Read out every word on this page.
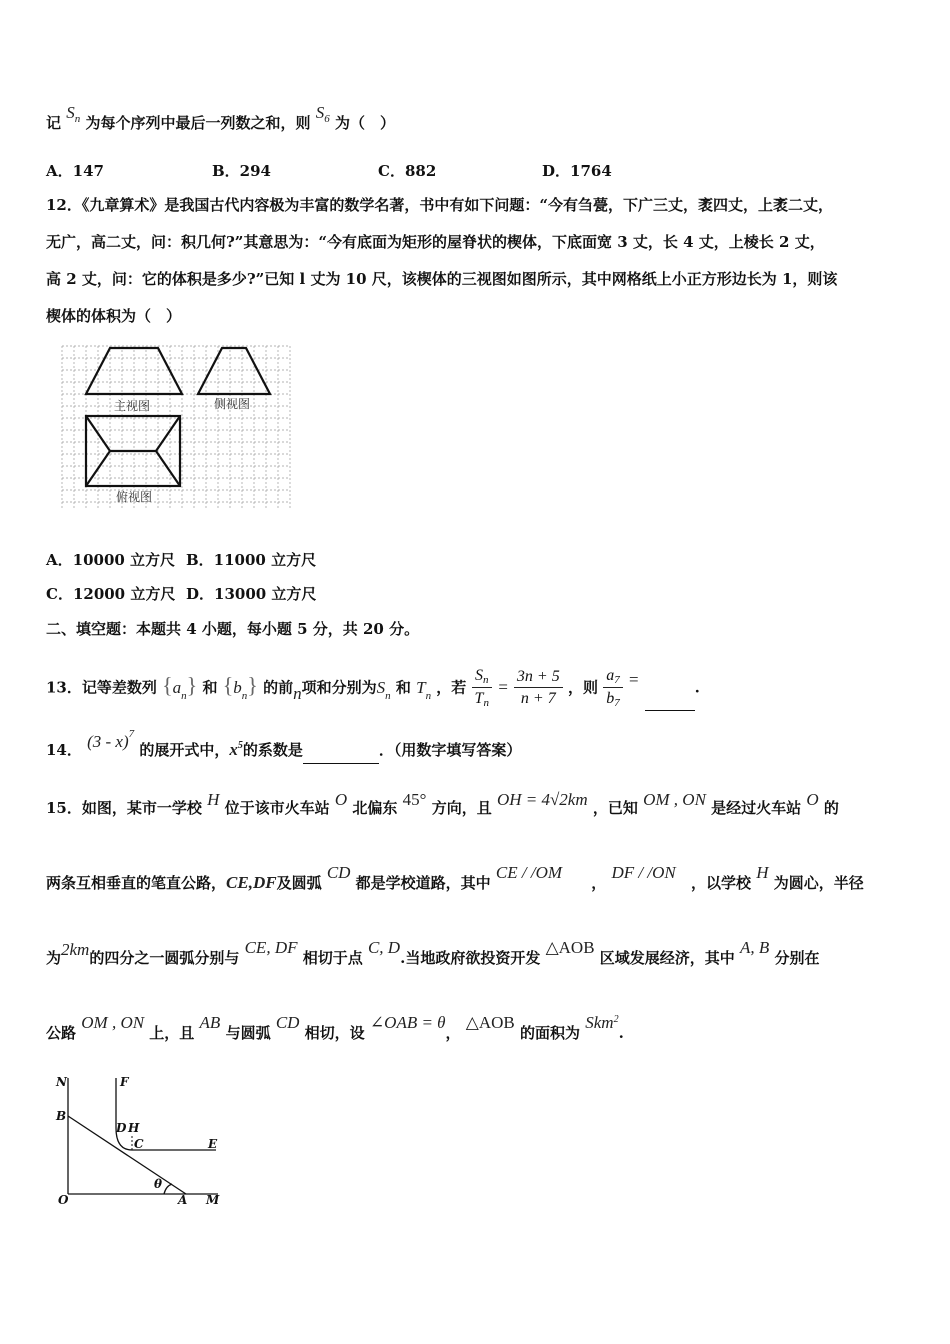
记 $S_n$ 为每个序列中最后一列数之和，则 $S_6$ 为（　）
A．147	B．294	C．882	D．1764
12．《九章算术》是我国古代内容极为丰富的数学名著，书中有如下问题：“今有刍甍，下广三丈，袤四丈，上袤二丈，
无广，高二丈，问：积几何?”其意思为：“今有底面为矩形的屋脊状的楔体，下底面宽 3 丈，长 4 丈，上棱长 2 丈，
高 2 丈，问：它的体积是多少?”已知 l 丈为 10 尺，该楔体的三视图如图所示，其中网格纸上小正方形边长为 1，则该
楔体的体积为（　）
主视图	侧视图
俯视图
A．10000 立方尺 B．11000 立方尺
C．12000 立方尺 D．13000 立方尺
二、填空题：本题共 4 小题，每小题 5 分，共 20 分。
13．记等差数列 $\{a_n\}$ 和 $\{b_n\}$ 的前n项和分别为$S_n$ 和 $T_n$ ，若 $\frac{Sn}{Tn} = \frac{3n + 5}{n + 7}$ ，则 $\frac{a7}{b7}$ =	.
14． (3 - x)$^7$ 的展开式中，$x^5$的系数是	．（用数字填写答案）
15．如图，某市一学校 H 位于该市火车站 O 北偏东 45° 方向，且 OH = 4√2km ，已知 OM , ON 是经过火车站 O 的
两条互相垂直的笔直公路，CE,DF及圆弧 CD 都是学校道路，其中 CE / /OM ， DF / /ON ，以学校 H 为圆心，半径
为2km的四分之一圆弧分别与 CE, DF 相切于点 C, D.当地政府欲投资开发 △AOB 区域发展经济，其中 A, B 分别在
公路 OM , ON 上，且 AB 与圆弧 CD 相切，设 ∠OAB = θ， △AOB 的面积为 Skm$^2$.
N	F
B
D H
C	E
O
θ
A M
